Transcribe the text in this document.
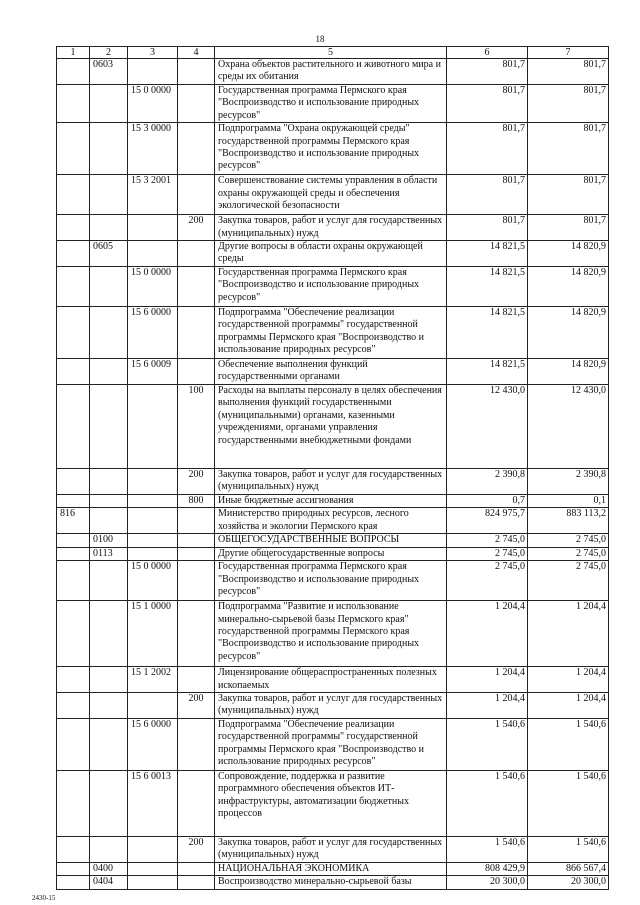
18
1	2	3	4	5	6	7
	0603			Охрана объектов растительного и животного мира и среды их обитания	801,7	801,7
		15 0 0000		Государственная программа Пермского края "Воспроизводство и использование природных ресурсов"	801,7	801,7
		15 3 0000		Подпрограмма "Охрана окружающей среды" государственной программы Пермского края "Воспроизводство и использование природных ресурсов"	801,7	801,7
		15 3 2001		Совершенствование системы управления в области охраны окружающей среды и обеспечения экологической безопасности	801,7	801,7
			200	Закупка товаров, работ и услуг для государственных (муниципальных) нужд	801,7	801,7
	0605			Другие вопросы в области охраны окружающей среды	14 821,5	14 820,9
		15 0 0000		Государственная программа Пермского края "Воспроизводство и использование природных ресурсов"	14 821,5	14 820,9
		15 6 0000		Подпрограмма "Обеспечение реализации государственной программы" государственной программы Пермского края "Воспроизводство и использование природных ресурсов"	14 821,5	14 820,9
		15 6 0009		Обеспечение выполнения функций государственными органами	14 821,5	14 820,9
			100	Расходы на выплаты персоналу в целях обеспечения выполнения функций государственными (муниципальными) органами, казенными учреждениями, органами управления государственными внебюджетными фондами	12 430,0	12 430,0
			200	Закупка товаров, работ и услуг для государственных (муниципальных) нужд	2 390,8	2 390,8
			800	Иные бюджетные ассигнования	0,7	0,1
816				Министерство природных ресурсов, лесного хозяйства и экологии Пермского края	824 975,7	883 113,2
	0100			ОБЩЕГОСУДАРСТВЕННЫЕ ВОПРОСЫ	2 745,0	2 745,0
	0113			Другие общегосударственные вопросы	2 745,0	2 745,0
		15 0 0000		Государственная программа Пермского края "Воспроизводство и использование природных ресурсов"	2 745,0	2 745,0
		15 1 0000		Подпрограмма "Развитие и использование минерально-сырьевой базы Пермского края" государственной программы Пермского края "Воспроизводство и использование природных ресурсов"	1 204,4	1 204,4
		15 1 2002		Лицензирование общераспространенных полезных ископаемых	1 204,4	1 204,4
			200	Закупка товаров, работ и услуг для государственных (муниципальных) нужд	1 204,4	1 204,4
		15 6 0000		Подпрограмма "Обеспечение реализации государственной программы" государственной программы Пермского края "Воспроизводство и использование природных ресурсов"	1 540,6	1 540,6
		15 6 0013		Сопровождение, поддержка и развитие программного обеспечения объектов ИТ-инфраструктуры, автоматизации бюджетных процессов	1 540,6	1 540,6
			200	Закупка товаров, работ и услуг для государственных (муниципальных) нужд	1 540,6	1 540,6
	0400			НАЦИОНАЛЬНАЯ ЭКОНОМИКА	808 429,9	866 567,4
	0404			Воспроизводство минерально-сырьевой базы	20 300,0	20 300,0
2430-15
